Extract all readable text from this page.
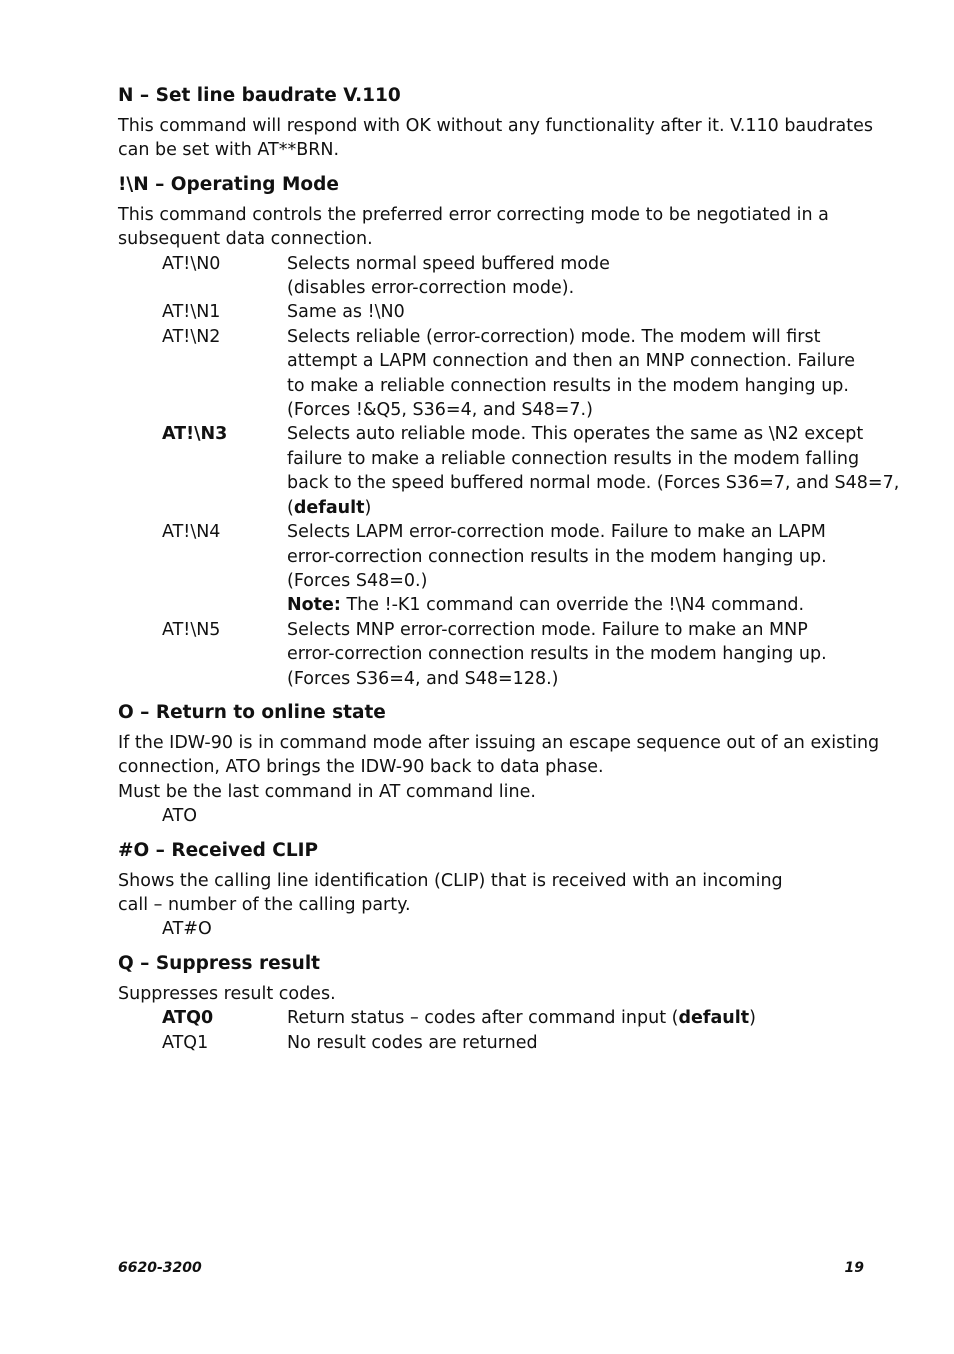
N – Set line baudrate V.110

This command will respond with OK without any functionality after it. V.110 baudrates
can be set with AT**BRN.

!\N – Operating Mode

This command controls the preferred error correcting mode to be negotiated in a
subsequent data connection.

AT!\N0	Selects normal speed buffered mode
(disables error-correction mode).
AT!\N1	Same as !\N0
AT!\N2	Selects reliable (error-correction) mode. The modem will first
attempt a LAPM connection and then an MNP connection. Failure
to make a reliable connection results in the modem hanging up.
(Forces !&Q5, S36=4, and S48=7.)
AT!\N3	Selects auto reliable mode. This operates the same as \N2 except
failure to make a reliable connection results in the modem falling
back to the speed buffered normal mode. (Forces S36=7, and S48=7,
(default)
AT!\N4	Selects LAPM error-correction mode. Failure to make an LAPM
error-correction connection results in the modem hanging up.
(Forces S48=0.)
Note: The !-K1 command can override the !\N4 command.
AT!\N5	Selects MNP error-correction mode. Failure to make an MNP
error-correction connection results in the modem hanging up.
(Forces S36=4, and S48=128.)

O – Return to online state

If the IDW-90 is in command mode after issuing an escape sequence out of an existing
connection, ATO brings the IDW-90 back to data phase.
Must be the last command in AT command line.

ATO

#O – Received CLIP

Shows the calling line identification (CLIP) that is received with an incoming
call – number of the calling party.

AT#O

Q – Suppress result

Suppresses result codes.

ATQ0	Return status – codes after command input (default)
ATQ1	No result codes are returned
6620-3200	19
